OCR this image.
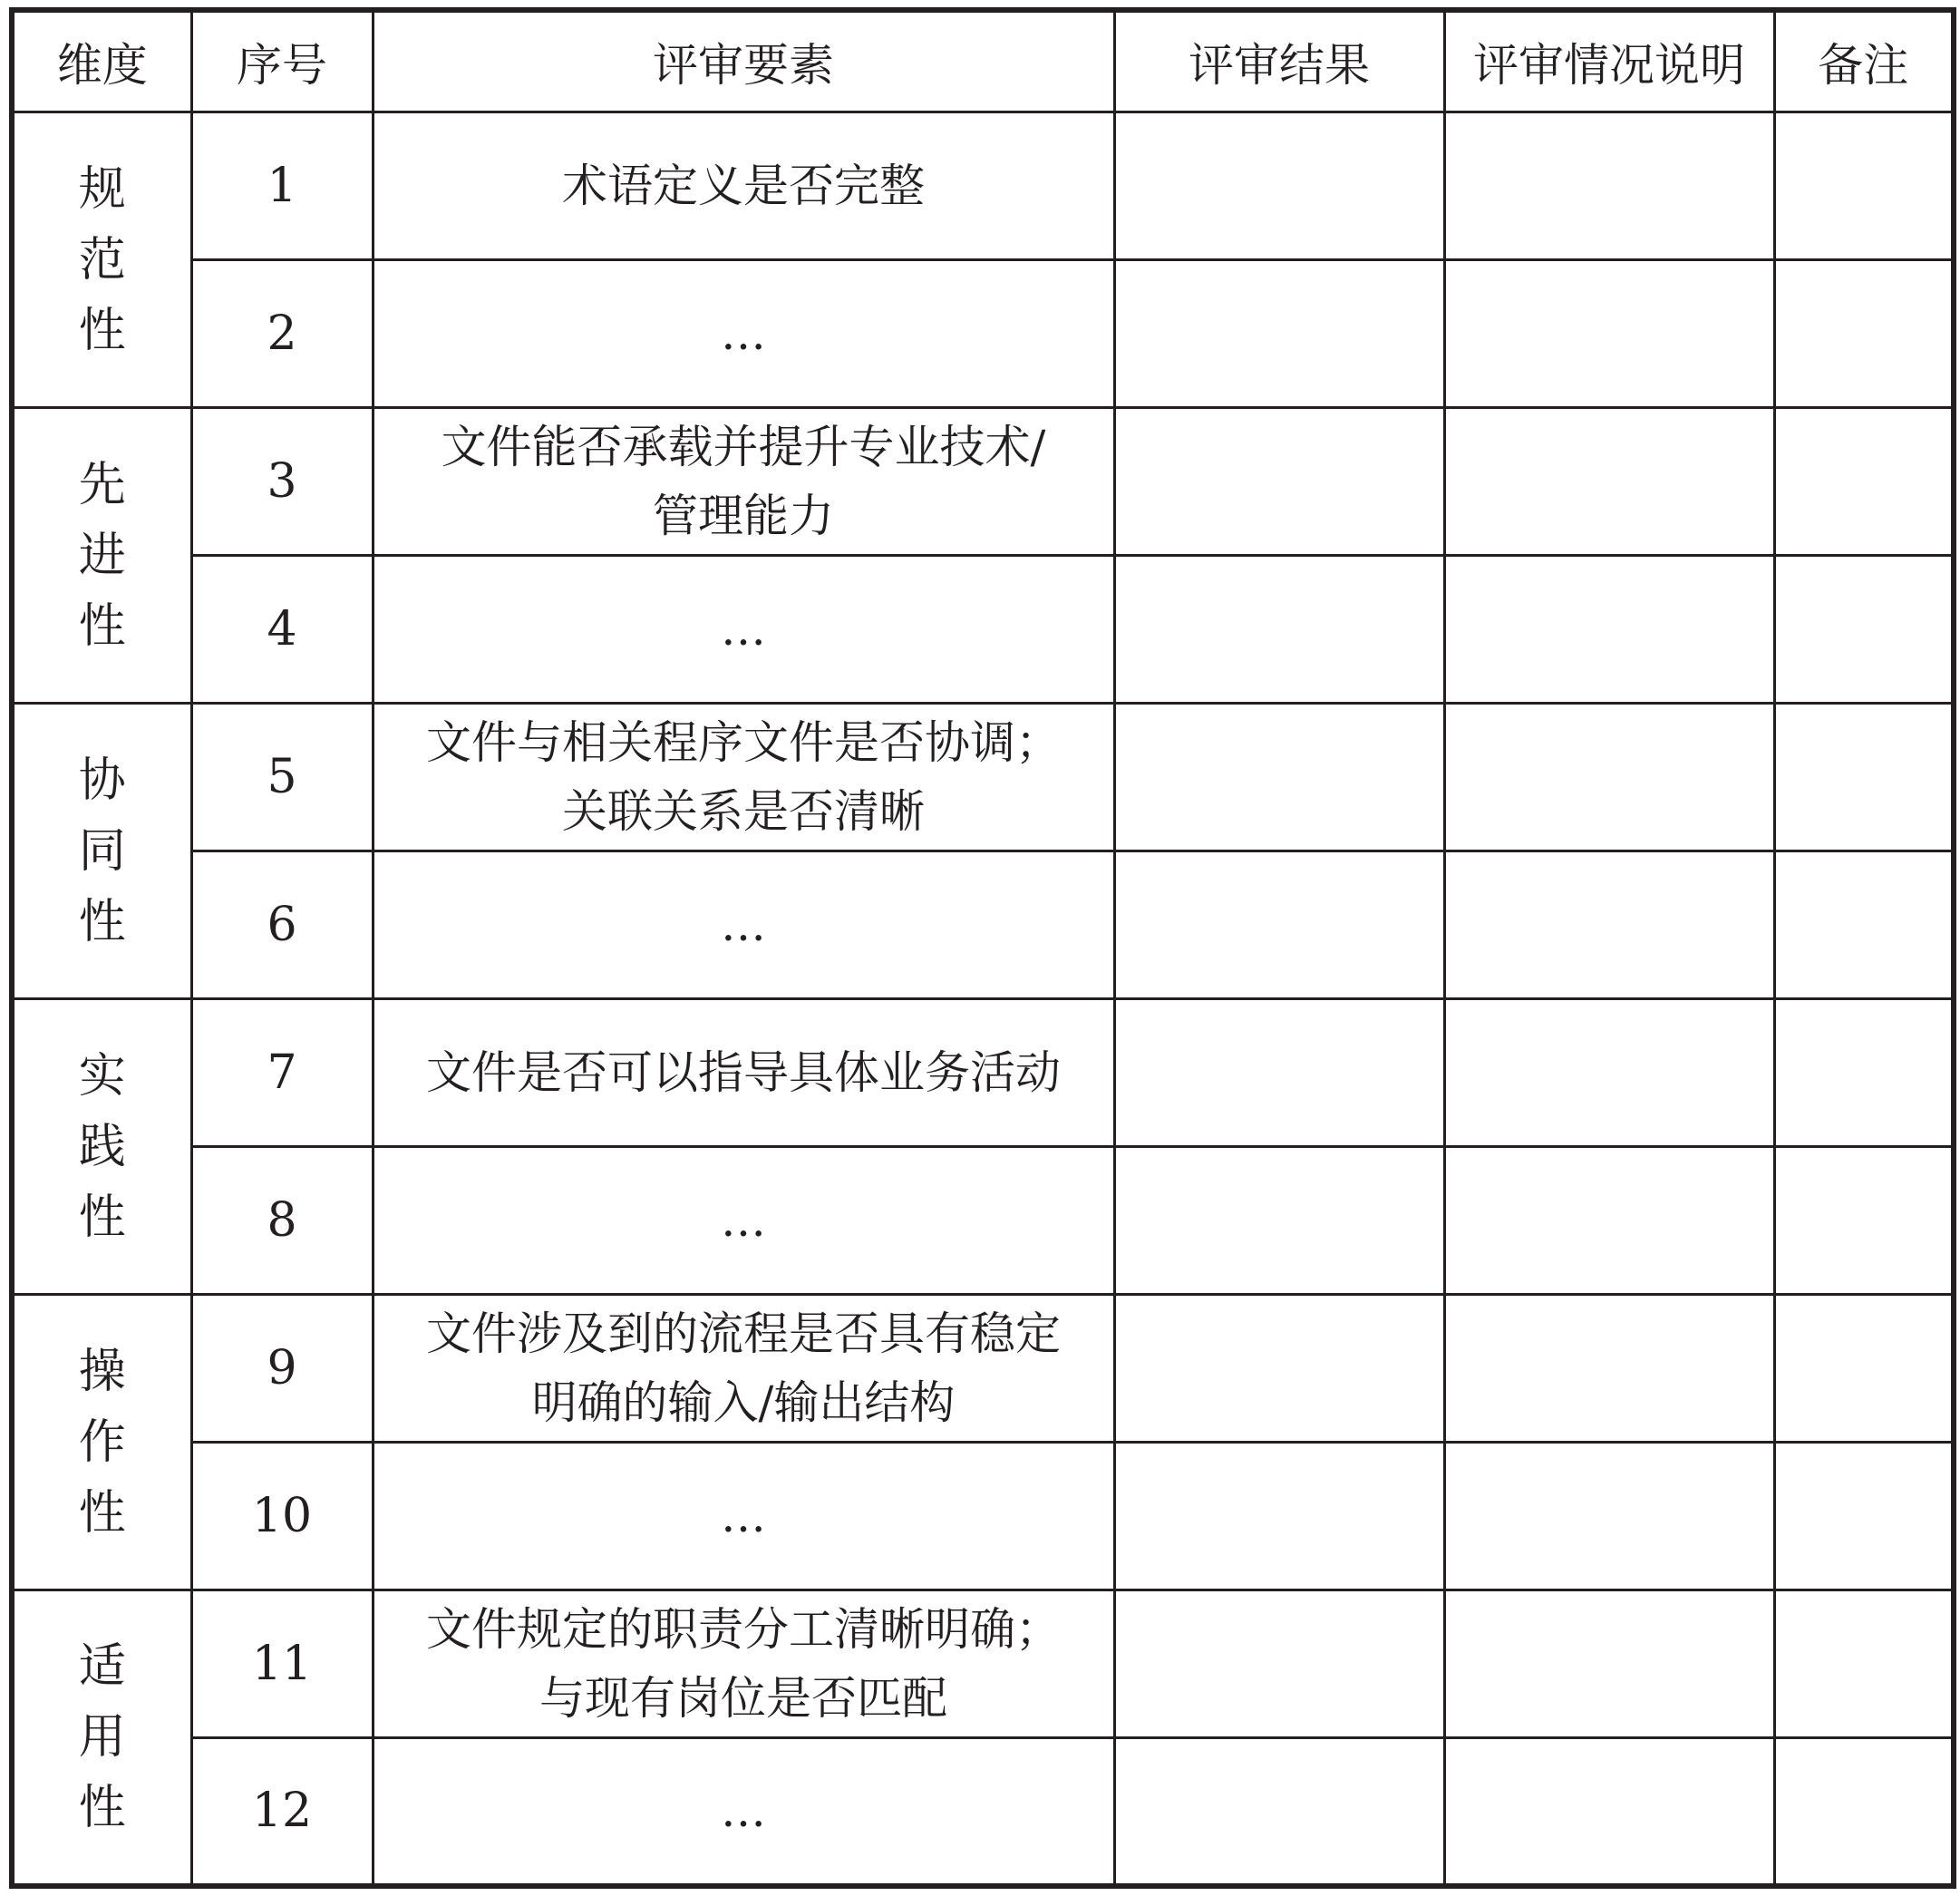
维度	序号	评审要素	评审结果	评审情况说明	备注
规范性	1	术语定义是否完整			
	2	…			
先进性	3	文件能否承载并提升专业技术/
管理能力			
	4	…			
协同性	5	文件与相关程序文件是否协调；
关联关系是否清晰			
	6	…			
实践性	7	文件是否可以指导具体业务活动			
	8	…			
操作性	9	文件涉及到的流程是否具有稳定
明确的输入/输出结构			
	10	…			
适用性	11	文件规定的职责分工清晰明确；
与现有岗位是否匹配			
	12	…			
